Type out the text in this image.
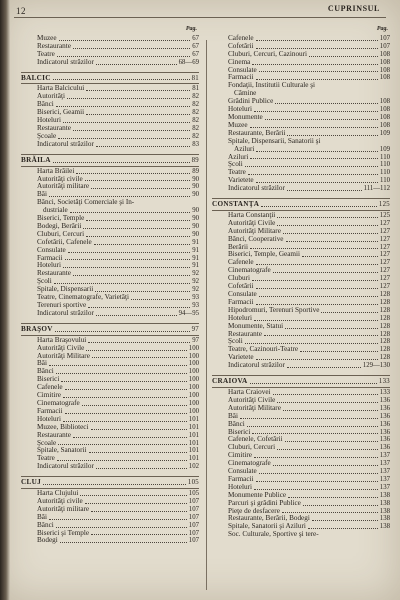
12	CUPRINSUL
Pag.
Muzee	67
Restaurante	67
Teatre	67
Indicatorul străzilor	68—69
BALCIC	81
Harta Balcicului	81
Autorităţi	82
Bănci	82
Biserici, Geamii	82
Hoteluri	82
Restaurante	82
Şcoale	82
Indicatorul străzilor	83
BRĂILA	89
Harta Brăilei	89
Autorităţi civile	90
Autorităţi militare	90
Băi	90
Bănci, Societăţi Comerciale şi In-
dustriale	90
Biserici, Temple	90
Bodegi, Berării	90
Cluburi, Cercuri	90
Cofetării, Cafenele	91
Consulate	91
Farmacii	91
Hoteluri	91
Restaurante	92
Şcoli	92
Spitale, Dispensarii	92
Teatre, Cinematografe, Varietăţi	93
Terenuri sportive	93
Indicatorul străzilor	94—95
BRAŞOV	97
Harta Braşovului	97
Autorităţi Civile	100
Autorităţi Militare	100
Băi	100
Bănci	100
Biserici	100
Cafenele	100
Cimitire	100
Cinematografe	100
Farmacii	100
Hoteluri	101
Muzee, Biblioteci	101
Restaurante	101
Şcoale	101
Spitale, Sanatorii	101
Teatre	101
Indicatorul străzilor	102
CLUJ	105
Harta Clujului	105
Autorităţi civile	107
Autorităţi militare	107
Băi	107
Bănci	107
Biserici şi Temple	107
Bodegi	107
Pag.
Cafenele	107
Cofetării	107
Cluburi, Cercuri, Cazinouri	108
Cinema	108
Consulate	108
Farmacii	108
Fondaţii, Institutii Culturale şi
Cămine
Grădini Publice	108
Hoteluri	108
Monumente	108
Muzee	108
Restaurante, Berării	109
Spitale, Dispensarii, Sanatorii şi
Aziluri	109
Aziluri	110
Şcoli	110
Teatre	110
Varietete	110
Indicatorul străzilor	111—112
CONSTANŢA	125
Harta Constanţii	125
Autorităţi Civile	127
Autorităţi Militare	127
Bănci, Cooperative	127
Berării	127
Biserici, Temple, Geamii	127
Cafenele	127
Cinematografe	127
Cluburi	127
Cofetării	127
Consulate	128
Farmacii	128
Hipodromuri, Terenuri Sportive	128
Hoteluri	128
Monumente, Statui	128
Restaurante	128
Şcoli	128
Teatre, Cazinouri-Teatre	128
Varietete	128
Indicatorul străzilor	129—130
CRAIOVA	133
Harta Craiovei	133
Autorităţi Civile	136
Autorităţi Militare	136
Băi	136
Bănci	136
Biserici	136
Cafenele, Cofetării	136
Cluburi, Cercuri	136
Cimitire	137
Cinematografe	137
Consulate	137
Farmacii	137
Hoteluri	137
Monumente Publice	138
Parcuri şi grădini Publice	138
Pieţe de desfacere	138
Restaurante, Berării, Bodegi	138
Spitale, Sanatorii şi Aziluri	138
Soc. Culturale, Sportive şi tere-
